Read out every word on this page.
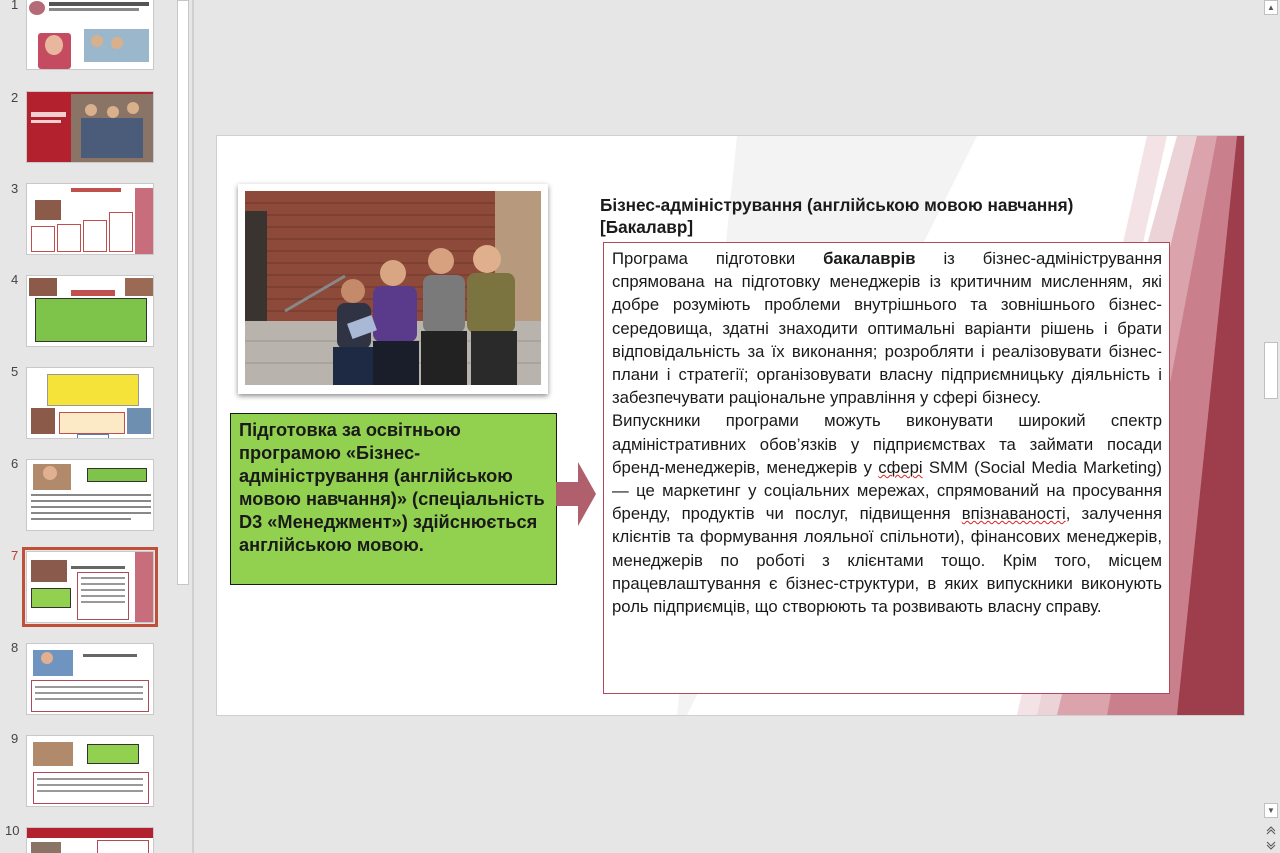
1
2
3
4
5
6
7
8
9
10
Підготовка за освітньою програмою «Бізнес-адміністрування (англійською мовою навчання)» (спеціальність D3 «Менеджмент») здійснюється англійською мовою.
Бізнес-адміністрування (англійською мовою навчання) [Бакалавр]

Програма підготовки бакалаврів із бізнес-адміністрування спрямована на підготовку менеджерів із критичним мисленням, які добре розуміють проблеми внутрішнього та зовнішнього бізнес-середовища, здатні знаходити оптимальні варіанти рішень і брати відповідальність за їх виконання; розробляти і реалізовувати бізнес-плани і стратегії; організовувати власну підприємницьку діяльність і забезпечувати раціональне управління у сфері бізнесу.

Випускники програми можуть виконувати широкий спектр адміністративних обов’язків у підприємствах та займати посади бренд-менеджерів, менеджерів у сфері SMM (Social Media Marketing) — це маркетинг у соціальних мережах, спрямований на просування бренду, продуктів чи послуг, підвищення впізнаваності, залучення клієнтів та формування лояльної спільноти), фінансових менеджерів, менеджерів по роботі з клієнтами тощо. Крім того, місцем працевлаштування є бізнес-структури, в яких випускники виконують роль підприємців, що створюють та розвивають власну справу.

▲
▼
